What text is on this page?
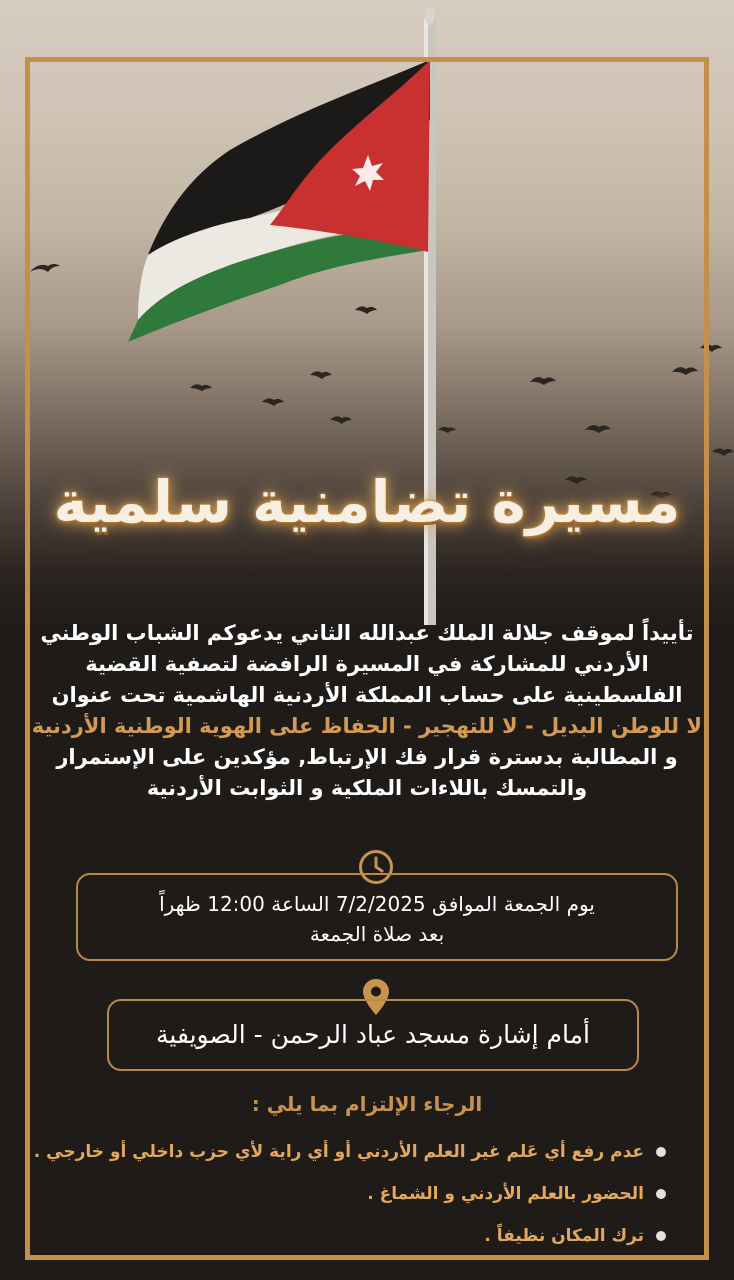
مسيرة تضامنية سلمية
تأييداً لموقف جلالة الملك عبدالله الثاني يدعوكم الشباب الوطني
الأردني للمشاركة في المسيرة الرافضة لتصفية القضية
الفلسطينية على حساب المملكة الأردنية الهاشمية تحت عنوان
لا للوطن البديل - لا للتهجير - الحفاظ على الهوية الوطنية الأردنية
و المطالبة بدسترة قرار فك الإرتباط, مؤكدين على الإستمرار
والتمسك باللاءات الملكية و الثوابت الأردنية
يوم الجمعة الموافق 7/2/2025 الساعة 12:00 ظهراً
بعد صلاة الجمعة
أمام إشارة مسجد عباد الرحمن - الصويفية
الرجاء الإلتزام بما يلي :
عدم رفع أي عَلم غير العلم الأردني أو أي راية لأي حزب داخلي أو خارجي .
الحضور بالعلم الأردني و الشماغ .
ترك المكان نظيفاً .
